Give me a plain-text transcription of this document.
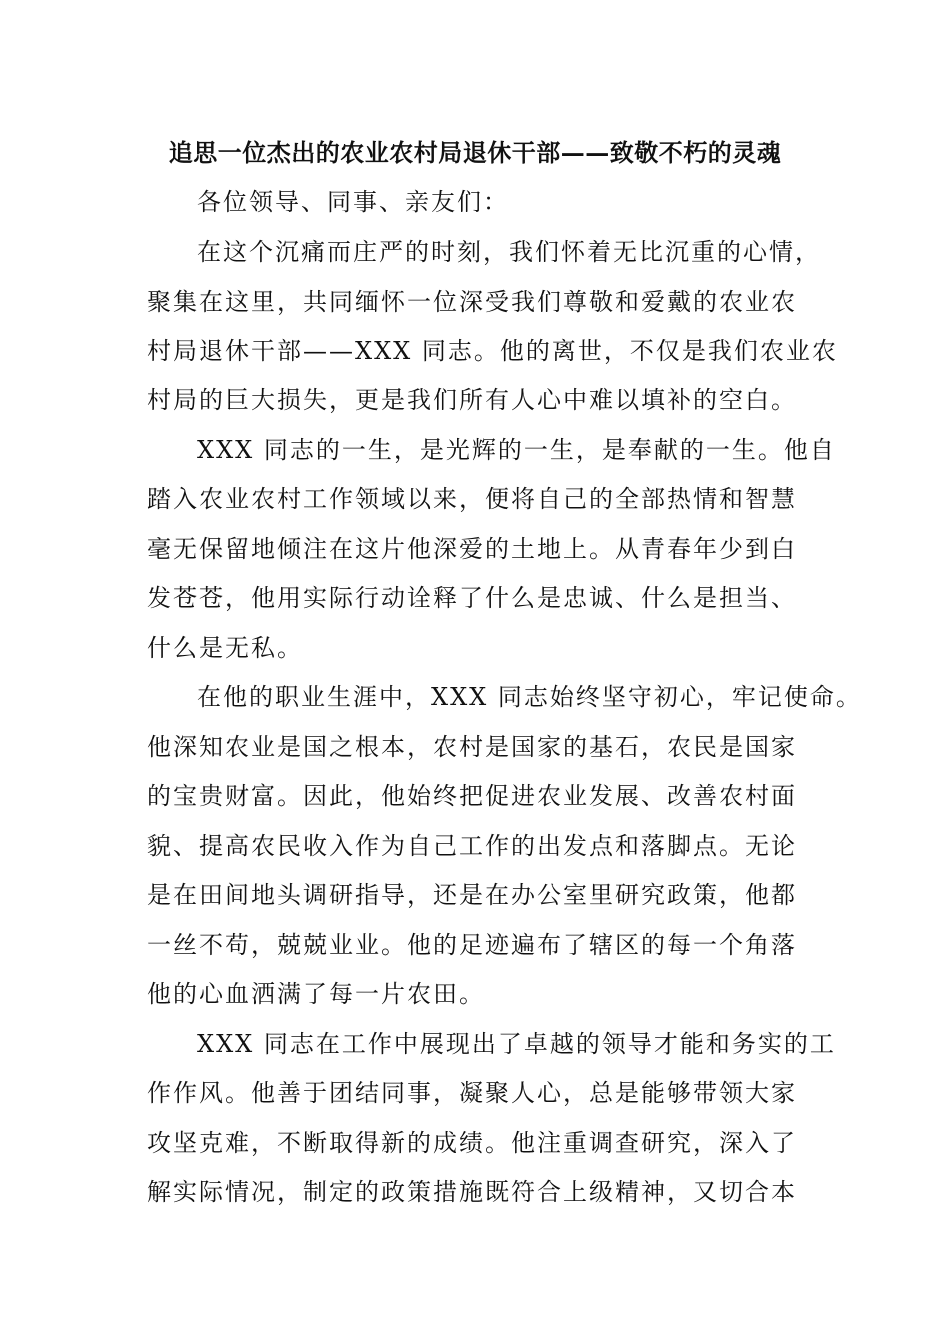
追思一位杰出的农业农村局退休干部——致敬不朽的灵魂
各位领导、同事、亲友们：
在这个沉痛而庄严的时刻，我们怀着无比沉重的心情，
聚集在这里，共同缅怀一位深受我们尊敬和爱戴的农业农
村局退休干部——XXX 同志。他的离世，不仅是我们农业农
村局的巨大损失，更是我们所有人心中难以填补的空白。
XXX 同志的一生，是光辉的一生，是奉献的一生。他自
踏入农业农村工作领域以来，便将自己的全部热情和智慧
毫无保留地倾注在这片他深爱的土地上。从青春年少到白
发苍苍，他用实际行动诠释了什么是忠诚、什么是担当、
什么是无私。
在他的职业生涯中，XXX 同志始终坚守初心，牢记使命。
他深知农业是国之根本，农村是国家的基石，农民是国家
的宝贵财富。因此，他始终把促进农业发展、改善农村面
貌、提高农民收入作为自己工作的出发点和落脚点。无论
是在田间地头调研指导，还是在办公室里研究政策，他都
一丝不苟，兢兢业业。他的足迹遍布了辖区的每一个角落
他的心血洒满了每一片农田。
XXX 同志在工作中展现出了卓越的领导才能和务实的工
作作风。他善于团结同事，凝聚人心，总是能够带领大家
攻坚克难，不断取得新的成绩。他注重调查研究，深入了
解实际情况，制定的政策措施既符合上级精神，又切合本
